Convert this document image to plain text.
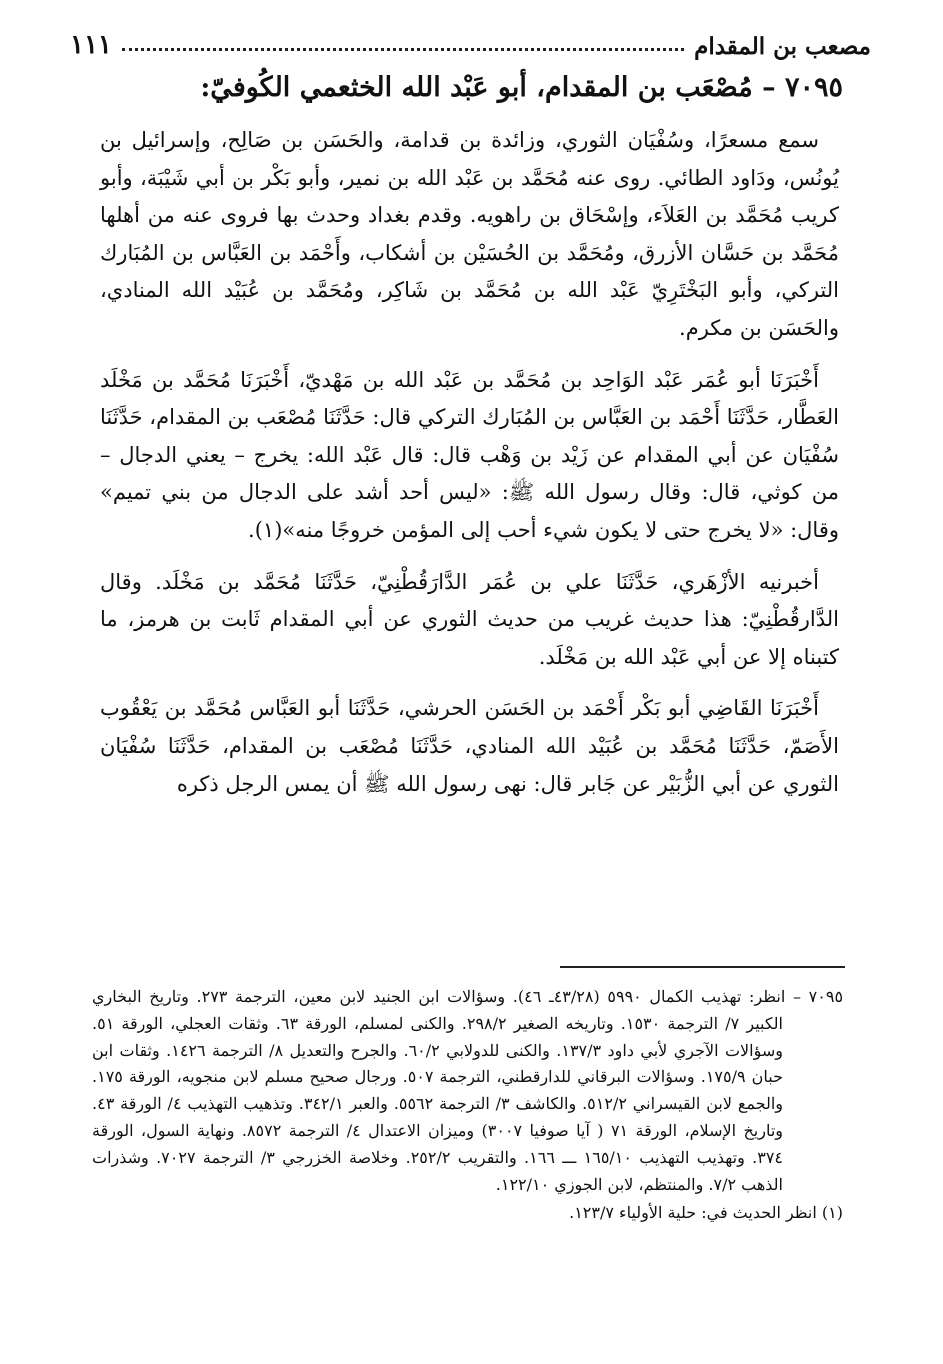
مصعب بن المقدام
١١١
٧٠٩٥ – مُصْعَب بن المقدام، أبو عَبْد الله الخثعمي الكُوفيّ:

سمع مسعرًا، وسُفْيَان الثوري، وزائدة بن قدامة، والحَسَن بن صَالِح، وإسرائيل بن يُونُس، ودَاود الطائي. روى عنه مُحَمَّد بن عَبْد الله بن نمير، وأبو بَكْر بن أبي شَيْبَة، وأبو كريب مُحَمَّد بن العَلاَء، وإسْحَاق بن راهويه. وقدم بغداد وحدث بها فروى عنه من أهلها مُحَمَّد بن حَسَّان الأزرق، ومُحَمَّد بن الحُسَيْن بن أشكاب، وأَحْمَد بن العَبَّاس بن المُبَارك التركي، وأبو البَخْتَرِيّ عَبْد الله بن مُحَمَّد بن شَاكِر، ومُحَمَّد بن عُبَيْد الله المنادي، والحَسَن بن مكرم.

أَخْبَرَنَا أبو عُمَر عَبْد الوَاحِد بن مُحَمَّد بن عَبْد الله بن مَهْديّ، أَخْبَرَنَا مُحَمَّد بن مَخْلَد العَطَّار، حَدَّثَنَا أَحْمَد بن العَبَّاس بن المُبَارك التركي قال: حَدَّثَنَا مُصْعَب بن المقدام، حَدَّثَنَا سُفْيَان عن أبي المقدام عن زَيْد بن وَهْب قال: قال عَبْد الله: يخرج – يعني الدجال – من كوثي، قال: وقال رسول الله ﷺ: «ليس أحد أشد على الدجال من بني تميم» وقال: «لا يخرج حتى لا يكون شيء أحب إلى المؤمن خروجًا منه»(١).

أخبرنيه الأزْهَري، حَدَّثَنَا علي بن عُمَر الدَّارَقُطْنِيّ، حَدَّثَنَا مُحَمَّد بن مَخْلَد. وقال الدَّارقُطْنِيّ: هذا حديث غريب من حديث الثوري عن أبي المقدام ثَابت بن هرمز، ما كتبناه إلا عن أبي عَبْد الله بن مَخْلَد.

أَخْبَرَنَا القَاضِي أبو بَكْر أَحْمَد بن الحَسَن الحرشي، حَدَّثَنَا أبو العَبَّاس مُحَمَّد بن يَعْقُوب الأَصَمّ، حَدَّثَنَا مُحَمَّد بن عُبَيْد الله المنادي، حَدَّثَنَا مُصْعَب بن المقدام، حَدَّثَنَا سُفْيَان الثوري عن أبي الزُّبَيْر عن جَابر قال: نهى رسول الله ﷺ أن يمس الرجل ذكره

٧٠٩٥ – انظر: تهذيب الكمال ٥٩٩٠ (٤٣/٢٨ـ ٤٦). وسؤالات ابن الجنيد لابن معين، الترجمة ٢٧٣. وتاريخ البخاري الكبير ٧/ الترجمة ١٥٣٠. وتاريخه الصغير ٢٩٨/٢. والكنى لمسلم، الورقة ٦٣. وثقات العجلي، الورقة ٥١. وسؤالات الآجري لأبي داود ١٣٧/٣. والكنى للدولابي ٦٠/٢. والجرح والتعديل ٨/ الترجمة ١٤٢٦. وثقات ابن حبان ١٧٥/٩. وسؤالات البرقاني للدارقطني، الترجمة ٥٠٧. ورجال صحيح مسلم لابن منجويه، الورقة ١٧٥. والجمع لابن القيسراني ٥١٢/٢. والكاشف ٣/ الترجمة ٥٥٦٢. والعبر ٣٤٢/١. وتذهيب التهذيب ٤/ الورقة ٤٣. وتاريخ الإسلام، الورقة ٧١ ( آيا صوفيا ٣٠٠٧) وميزان الاعتدال ٤/ الترجمة ٨٥٧٢. ونهاية السول، الورقة ٣٧٤. وتهذيب التهذيب ١٦٥/١٠ ـــ ١٦٦. والتقريب ٢٥٢/٢. وخلاصة الخزرجي ٣/ الترجمة ٧٠٢٧. وشذرات الذهب ٧/٢. والمنتظم، لابن الجوزي ١٢٢/١٠.

(١) انظر الحديث في: حلية الأولياء ١٢٣/٧.
